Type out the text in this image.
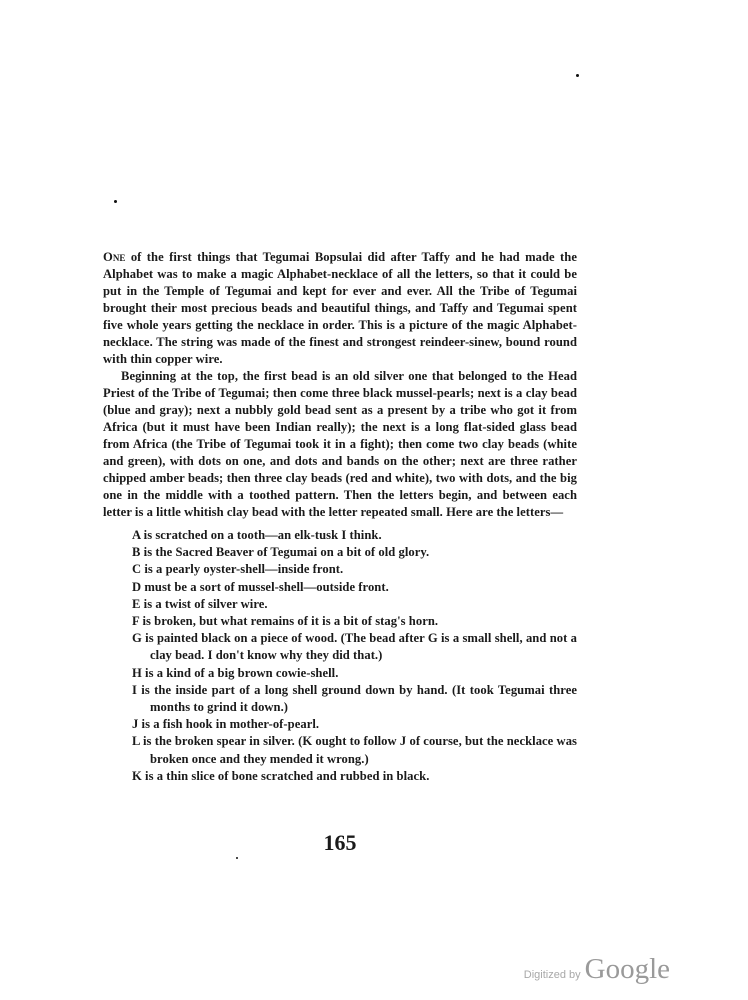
One of the first things that Tegumai Bopsulai did after Taffy and he had made the Alphabet was to make a magic Alphabet-necklace of all the letters, so that it could be put in the Temple of Tegumai and kept for ever and ever. All the Tribe of Tegumai brought their most precious beads and beautiful things, and Taffy and Tegumai spent five whole years getting the necklace in order. This is a picture of the magic Alphabet-necklace. The string was made of the finest and strongest reindeer-sinew, bound round with thin copper wire.

Beginning at the top, the first bead is an old silver one that belonged to the Head Priest of the Tribe of Tegumai; then come three black mussel-pearls; next is a clay bead (blue and gray); next a nubbly gold bead sent as a present by a tribe who got it from Africa (but it must have been Indian really); the next is a long flat-sided glass bead from Africa (the Tribe of Tegumai took it in a fight); then come two clay beads (white and green), with dots on one, and dots and bands on the other; next are three rather chipped amber beads; then three clay beads (red and white), two with dots, and the big one in the middle with a toothed pattern. Then the letters begin, and between each letter is a little whitish clay bead with the letter repeated small. Here are the letters—

A is scratched on a tooth—an elk-tusk I think.
B is the Sacred Beaver of Tegumai on a bit of old glory.
C is a pearly oyster-shell—inside front.
D must be a sort of mussel-shell—outside front.
E is a twist of silver wire.
F is broken, but what remains of it is a bit of stag's horn.
G is painted black on a piece of wood. (The bead after G is a small shell, and not a clay bead. I don't know why they did that.)
H is a kind of a big brown cowie-shell.
I is the inside part of a long shell ground down by hand. (It took Tegumai three months to grind it down.)
J is a fish hook in mother-of-pearl.
L is the broken spear in silver. (K ought to follow J of course, but the necklace was broken once and they mended it wrong.)
K is a thin slice of bone scratched and rubbed in black.
165
Digitized by Google
